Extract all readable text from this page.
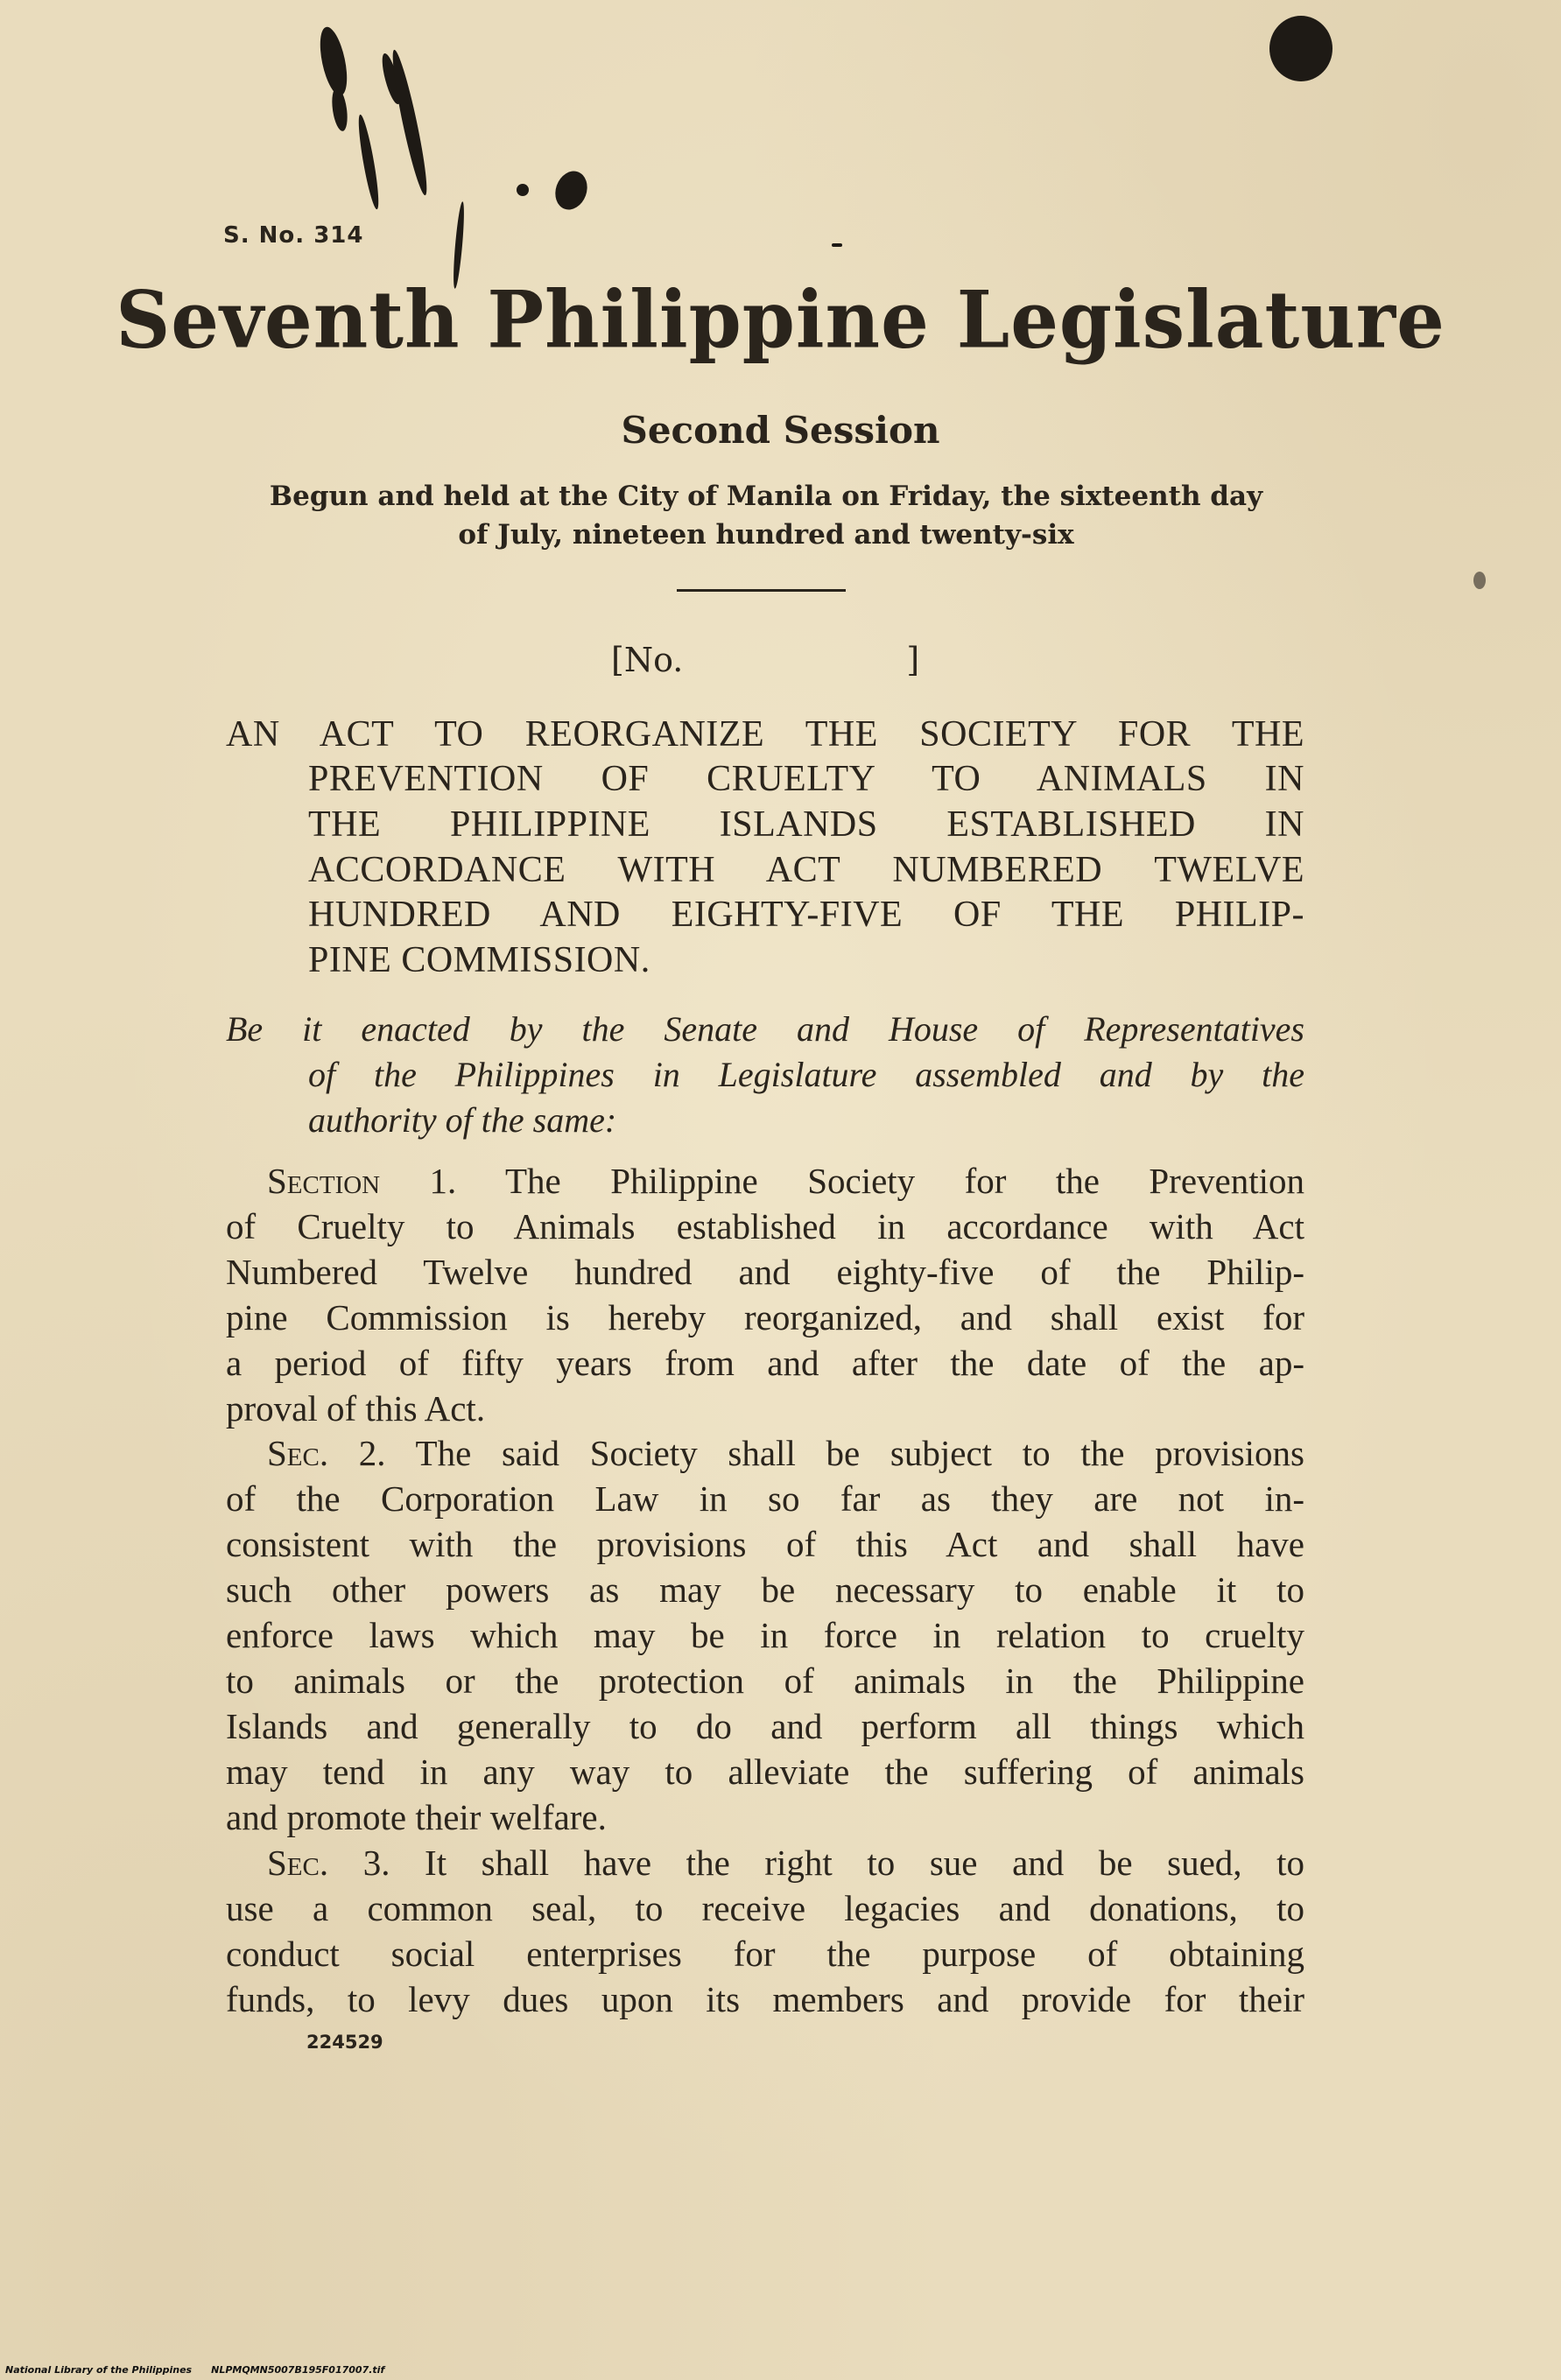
S. No. 314
Seventh Philippine Legislature
Second Session
Begun and held at the City of Manila on Friday, the sixteenth day
of July, nineteen hundred and twenty-six
[No.	]
AN ACT TO REORGANIZE THE SOCIETY FOR THE
PREVENTION OF CRUELTY TO ANIMALS IN
THE PHILIPPINE ISLANDS ESTABLISHED IN
ACCORDANCE WITH ACT NUMBERED TWELVE
HUNDRED AND EIGHTY-FIVE OF THE PHILIP-
PINE COMMISSION.
Be it enacted by the Senate and House of Representatives
of the Philippines in Legislature assembled and by the
authority of the same:
Section 1. The Philippine Society for the Prevention
of Cruelty to Animals established in accordance with Act
Numbered Twelve hundred and eighty-five of the Philip-
pine Commission is hereby reorganized, and shall exist for
a period of fifty years from and after the date of the ap-
proval of this Act.
Sec. 2. The said Society shall be subject to the provisions
of the Corporation Law in so far as they are not in-
consistent with the provisions of this Act and shall have
such other powers as may be necessary to enable it to
enforce laws which may be in force in relation to cruelty
to animals or the protection of animals in the Philippine
Islands and generally to do and perform all things which
may tend in any way to alleviate the suffering of animals
and promote their welfare.
Sec. 3. It shall have the right to sue and be sued, to
use a common seal, to receive legacies and donations, to
conduct social enterprises for the purpose of obtaining
funds, to levy dues upon its members and provide for their
224529
National Library of the Philippines NLPMQMN5007B195F017007.tif
